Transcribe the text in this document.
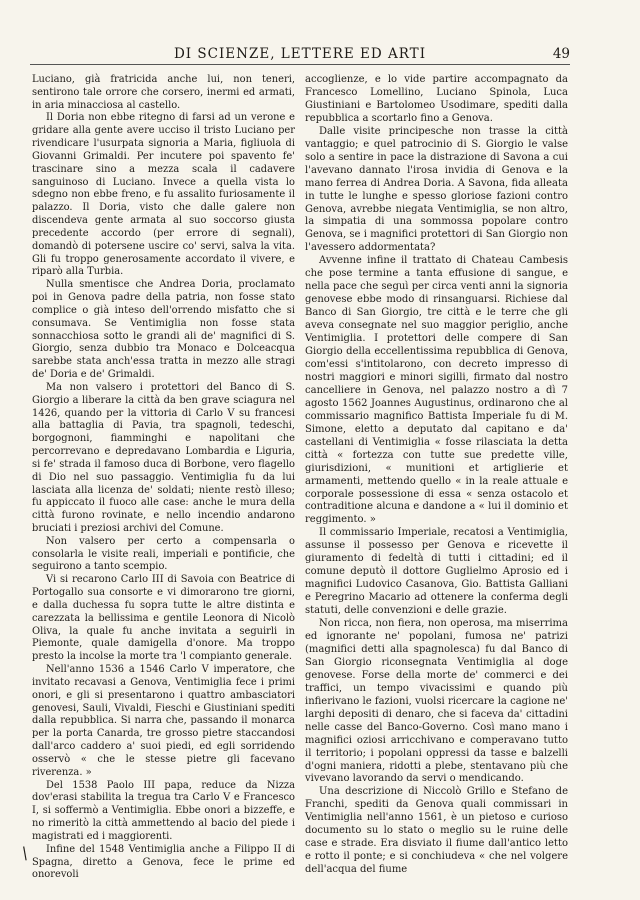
DI SCIENZE, LETTERE ED ARTI	49

Luciano, già fratricida anche lui, non teneri, sentirono tale orrore che corsero, inermi ed armati, in aria minacciosa al castello.

Il Doria non ebbe ritegno di farsi ad un verone e gridare alla gente avere ucciso il tristo Luciano per rivendicare l'usurpata signoria a Maria, figliuola di Giovanni Grimaldi. Per incutere poi spavento fe' trascinare sino a mezza scala il cadavere sanguinoso di Luciano. Invece a quella vista lo sdegno non ebbe freno, e fu assalito furiosamente il palazzo. Il Doria, visto che dalle galere non discendeva gente armata al suo soccorso giusta precedente accordo (per errore di segnali), domandò di potersene uscire co' servi, salva la vita. Gli fu troppo generosamente accordato il vivere, e riparò alla Turbia.

Nulla smentisce che Andrea Doria, proclamato poi in Genova padre della patria, non fosse stato complice o già inteso dell'orrendo misfatto che si consumava. Se Ventimiglia non fosse stata sonnacchiosa sotto le grandi ali de' magnifici di S. Giorgio, senza dubbio tra Monaco e Dolceacqua sarebbe stata anch'essa tratta in mezzo alle stragi de' Doria e de' Grimaldi.

Ma non valsero i protettori del Banco di S. Giorgio a liberare la città da ben grave sciagura nel 1426, quando per la vittoria di Carlo V su francesi alla battaglia di Pavia, tra spagnoli, tedeschi, borgognoni, fiamminghi e napolitani che percorrevano e depredavano Lombardia e Liguria, si fe' strada il famoso duca di Borbone, vero flagello di Dio nel suo passaggio. Ventimiglia fu da lui lasciata alla licenza de' soldati; niente restò illeso; fu appiccato il fuoco alle case: anche le mura della città furono rovinate, e nello incendio andarono bruciati i preziosi archivi del Comune.

Non valsero per certo a compensarla o consolarla le visite reali, imperiali e pontificie, che seguirono a tanto scempio.

Vi si recarono Carlo III di Savoia con Beatrice di Portogallo sua consorte e vi dimorarono tre giorni, e dalla duchessa fu sopra tutte le altre distinta e carezzata la bellissima e gentile Leonora di Nicolò Oliva, la quale fu anche invitata a seguirli in Piemonte, quale damigella d'onore. Ma troppo presto la incolse la morte tra 'l compianto generale.

Nell'anno 1536 a 1546 Carlo V imperatore, che invitato recavasi a Genova, Ventimiglia fece i primi onori, e gli si presentarono i quattro ambasciatori genovesi, Sauli, Vivaldi, Fieschi e Giustiniani spediti dalla repubblica. Si narra che, passando il monarca per la porta Canarda, tre grosso pietre staccandosi dall'arco caddero a' suoi piedi, ed egli sorridendo osservò « che le stesse pietre gli facevano riverenza. »

Del 1538 Paolo III papa, reduce da Nizza dov'erasi stabilita la tregua tra Carlo V e Francesco I, si soffermò a Ventimiglia. Ebbe onori a bizzeffe, e no rimeritò la città ammettendo al bacio del piede i magistrati ed i maggiorenti.

Infine del 1548 Ventimiglia anche a Filippo II di Spagna, diretto a Genova, fece le prime ed onorevoli

accoglienze, e lo vide partire accompagnato da Francesco Lomellino, Luciano Spinola, Luca Giustiniani e Bartolomeo Usodimare, spediti dalla repubblica a scortarlo fino a Genova.

Dalle visite principesche non trasse la città vantaggio; e quel patrocinio di S. Giorgio le valse solo a sentire in pace la distrazione di Savona a cui l'avevano dannato l'irosa invidia di Genova e la mano ferrea di Andrea Doria. A Savona, fida alleata in tutte le lunghe e spesso gloriose fazioni contro Genova, avrebbe niegata Ventimiglia, se non altro, la simpatia di una sommossa popolare contro Genova, se i magnifici protettori di San Giorgio non l'avessero addormentata?

Avvenne infine il trattato di Chateau Cambesis che pose termine a tanta effusione di sangue, e nella pace che seguì per circa venti anni la signoria genovese ebbe modo di rinsanguarsi. Richiese dal Banco di San Giorgio, tre città e le terre che gli aveva consegnate nel suo maggior periglio, anche Ventimiglia. I protettori delle compere di San Giorgio della eccellentissima repubblica di Genova, com'essi s'intitolarono, con decreto impresso di nostri maggiori e minori sigilli, firmato dal nostro cancelliere in Genova, nel palazzo nostro a dì 7 agosto 1562 Joannes Augustinus, ordinarono che al commissario magnifico Battista Imperiale fu di M. Simone, eletto a deputato dal capitano e da' castellani di Ventimiglia « fosse rilasciata la detta città « fortezza con tutte sue predette ville, giurisdizioni, « munitioni et artiglierie et armamenti, mettendo quello « in la reale attuale e corporale possessione di essa « senza ostacolo et contraditione alcuna e dandone a « lui il dominio et reggimento. »

Il commissario Imperiale, recatosi a Ventimiglia, assunse il possesso per Genova e ricevette il giuramento di fedeltà di tutti i cittadini; ed il comune deputò il dottore Guglielmo Aprosio ed i magnifici Ludovico Casanova, Gio. Battista Galliani e Peregrino Macario ad ottenere la conferma degli statuti, delle convenzioni e delle grazie.

Non ricca, non fiera, non operosa, ma miserrima ed ignorante ne' popolani, fumosa ne' patrizi (magnifici detti alla spagnolesca) fu dal Banco di San Giorgio riconsegnata Ventimiglia al doge genovese. Forse della morte de' commerci e dei traffici, un tempo vivacissimi e quando più infierivano le fazioni, vuolsi ricercare la cagione ne' larghi depositi di denaro, che si faceva da' cittadini nelle casse del Banco-Governo. Così mano mano i magnifici oziosi arricchivano e comperavano tutto il territorio; i popolani oppressi da tasse e balzelli d'ogni maniera, ridotti a plebe, stentavano più che vivevano lavorando da servi o mendicando.

Una descrizione di Niccolò Grillo e Stefano de Franchi, spediti da Genova quali commissari in Ventimiglia nell'anno 1561, è un pietoso e curioso documento su lo stato o meglio su le ruine delle case e strade. Era disviato il fiume dall'antico letto e rotto il ponte; e si conchiudeva « che nel volgere dell'acqua del fiume

❘
